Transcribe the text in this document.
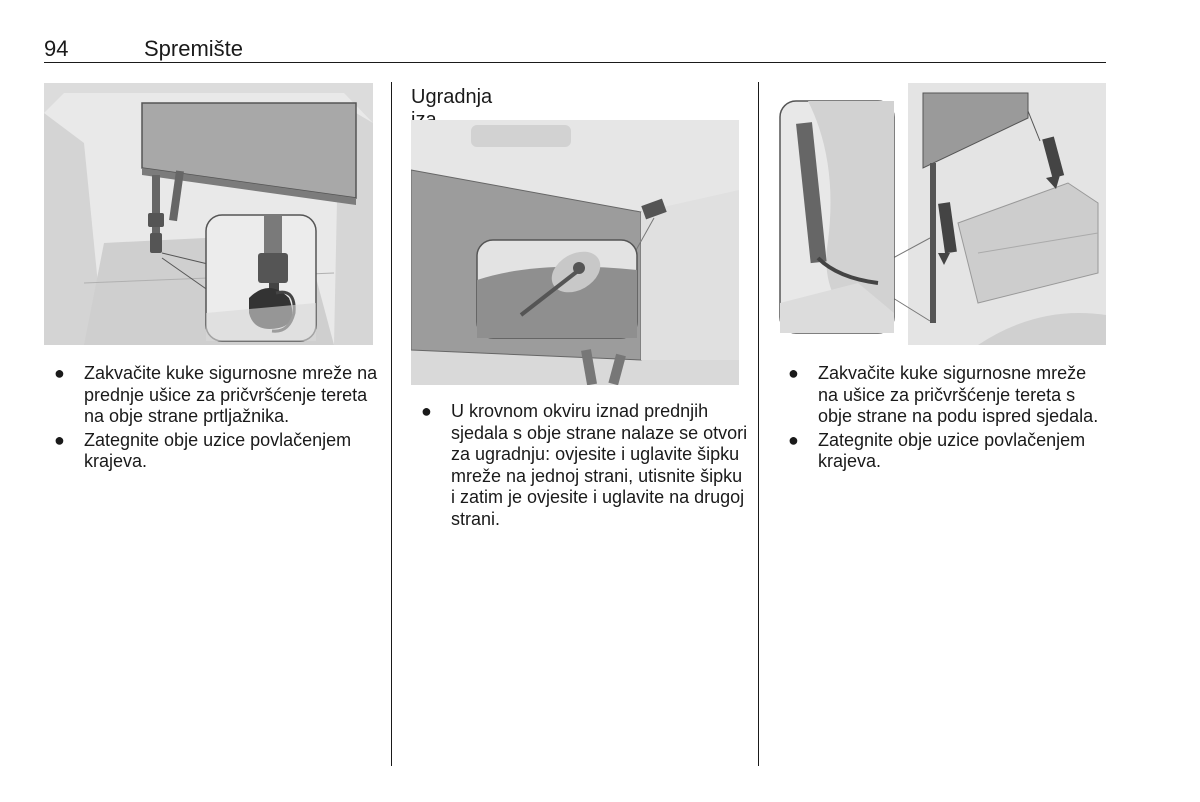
94	Spremište
● Zakvačite kuke sigurnosne mreže na prednje ušice za pričvršćenje tereta na obje strane prtljažnika.
● Zategnite obje uzice povlačenjem krajeva.
Ugradnja
● U krovnom okviru iznad prednjih sjedala s obje strane nalaze se otvori za ugradnju: ovjesite i uglavite šipku mreže na jednoj strani, utisnite šipku i zatim je ovjesite i uglavite na drugoj strani.
● Zakvačite kuke sigurnosne mreže na ušice za pričvršćenje tereta s obje strane na podu ispred sjedala.
● Zategnite obje uzice povlačenjem krajeva.
